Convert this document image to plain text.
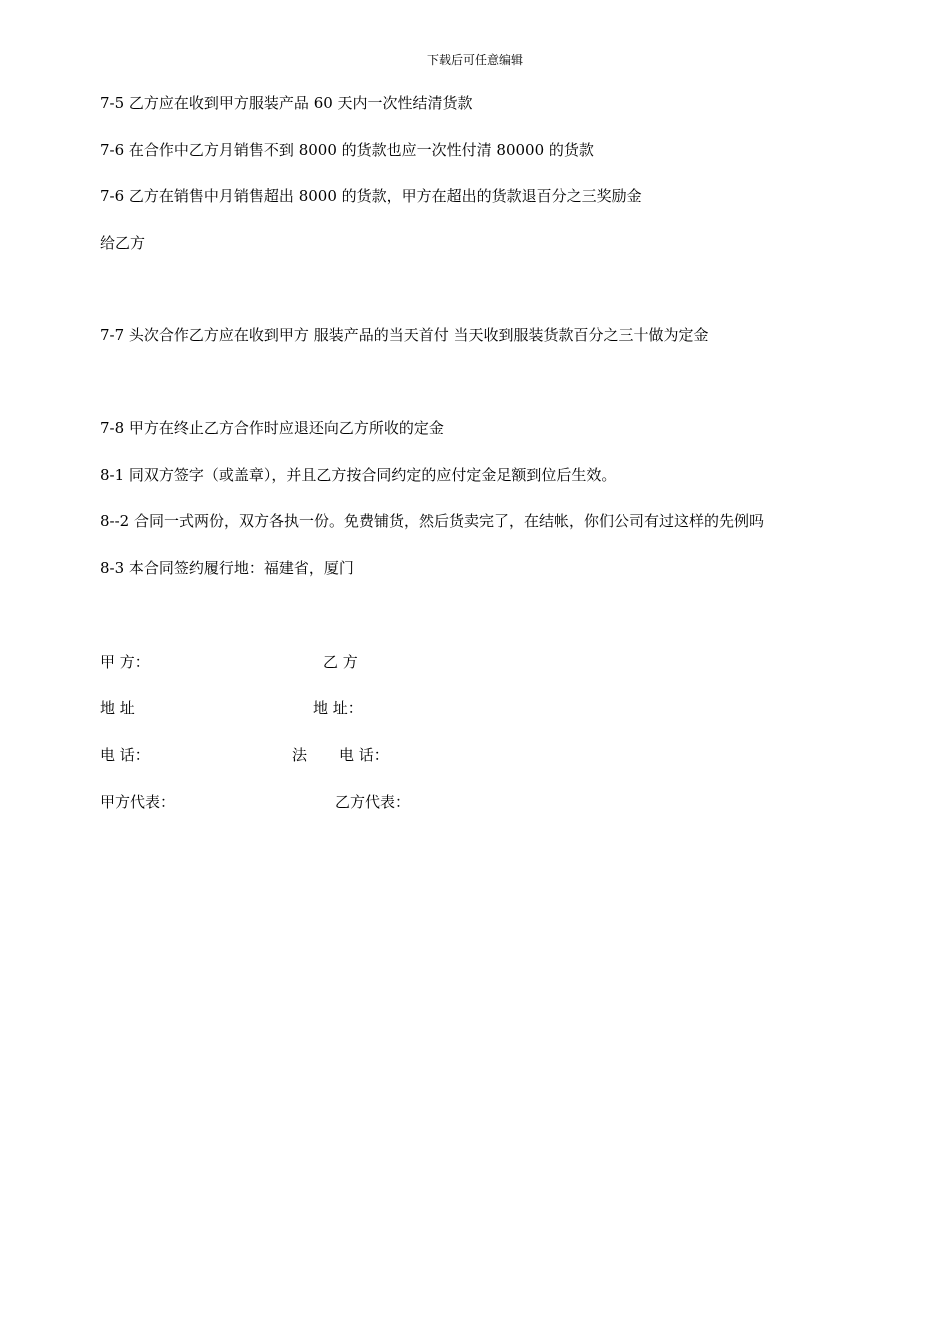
下载后可任意编辑
7-5 乙方应在收到甲方服装产品 60 天内一次性结清货款
7-6 在合作中乙方月销售不到 8000 的货款也应一次性付清 80000 的货款
7-6 乙方在销售中月销售超出 8000 的货款，甲方在超出的货款退百分之三奖励金
给乙方
7-7 头次合作乙方应在收到甲方 服装产品的当天首付 当天收到服装货款百分之三十做为定金
7-8 甲方在终止乙方合作时应退还向乙方所收的定金
8-1 同双方签字（或盖章），并且乙方按合同约定的应付定金足额到位后生效。
8--2 合同一式两份，双方各执一份。免费铺货，然后货卖完了，在结帐，你们公司有过这样的先例吗
8-3 本合同签约履行地：福建省，厦门
甲 方：	乙 方
地 址	地 址：
电 话：	法 电 话：
甲方代表：	乙方代表：
